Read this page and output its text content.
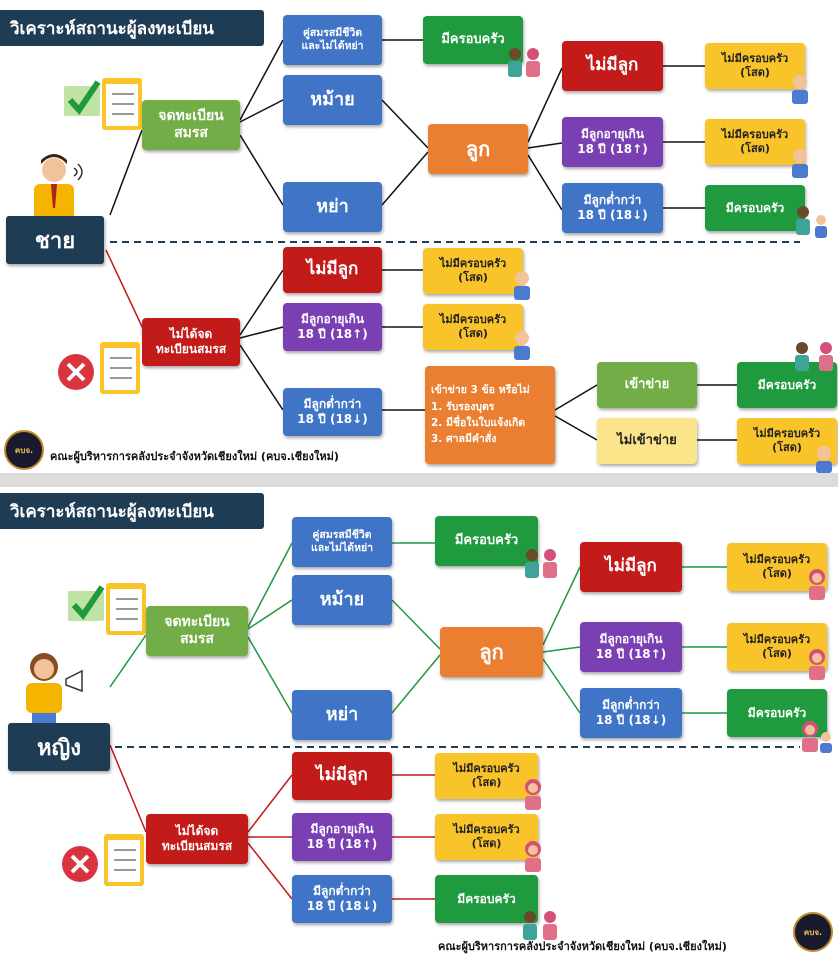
วิเคราะห์สถานะผู้ลงทะเบียน
ชาย
จดทะเบียน
สมรส
คู่สมรสมีชีวิต
และไม่ได้หย่า	มีครอบครัว
หม้าย
หย่า
ลูก
ไม่มีลูก
มีลูกอายุเกิน
18 ปี (18↑)
มีลูกต่ำกว่า
18 ปี (18↓)
ไม่มีครอบครัว
(โสด)
ไม่มีครอบครัว
(โสด)
มีครอบครัว
ไม่ได้จด
ทะเบียนสมรส
ไม่มีลูก
มีลูกอายุเกิน
18 ปี (18↑)
มีลูกต่ำกว่า
18 ปี (18↓)
ไม่มีครอบครัว
(โสด)
ไม่มีครอบครัว
(โสด)
เข้าข่าย 3 ข้อ หรือไม่
1. รับรองบุตร
2. มีชื่อในใบแจ้งเกิด
3. ศาลมีคำสั่ง
เข้าข่าย
ไม่เข้าข่าย
มีครอบครัว
ไม่มีครอบครัว
(โสด)
คบจ.	คณะผู้บริหารการคลังประจำจังหวัดเชียงใหม่ (คบจ.เชียงใหม่)
วิเคราะห์สถานะผู้ลงทะเบียน
หญิง
จดทะเบียน
สมรส
คู่สมรสมีชีวิต
และไม่ได้หย่า
มีครอบครัว
หม้าย
หย่า
ลูก
ไม่มีลูก
มีลูกอายุเกิน
18 ปี (18↑)
มีลูกต่ำกว่า
18 ปี (18↓)
ไม่มีครอบครัว
(โสด)
ไม่มีครอบครัว
(โสด)
มีครอบครัว
ไม่ได้จด
ทะเบียนสมรส
ไม่มีลูก
มีลูกอายุเกิน
18 ปี (18↑)
มีลูกต่ำกว่า
18 ปี (18↓)
ไม่มีครอบครัว
(โสด)
ไม่มีครอบครัว
(โสด)
มีครอบครัว
คณะผู้บริหารการคลังประจำจังหวัดเชียงใหม่ (คบจ.เชียงใหม่)
คบจ.
